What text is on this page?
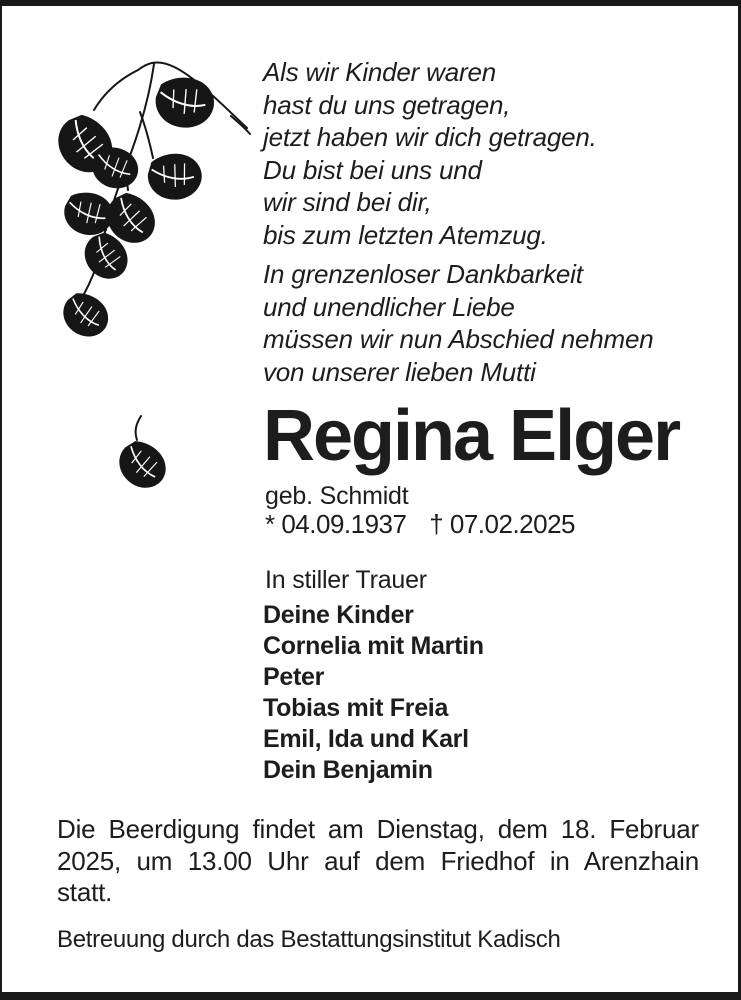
Als wir Kinder waren
hast du uns getragen,
jetzt haben wir dich getragen.
Du bist bei uns und
wir sind bei dir,
bis zum letzten Atemzug.
In grenzenloser Dankbarkeit
und unendlicher Liebe
müssen wir nun Abschied nehmen
von unserer lieben Mutti
Regina Elger
geb. Schmidt
* 04.09.1937 † 07.02.2025
In stiller Trauer
Deine Kinder
Cornelia mit Martin
Peter
Tobias mit Freia
Emil, Ida und Karl
Dein Benjamin
Die Beerdigung findet am Dienstag, dem 18. Februar
2025, um 13.00 Uhr auf dem Friedhof in Arenzhain
statt.
Betreuung durch das Bestattungsinstitut Kadisch
